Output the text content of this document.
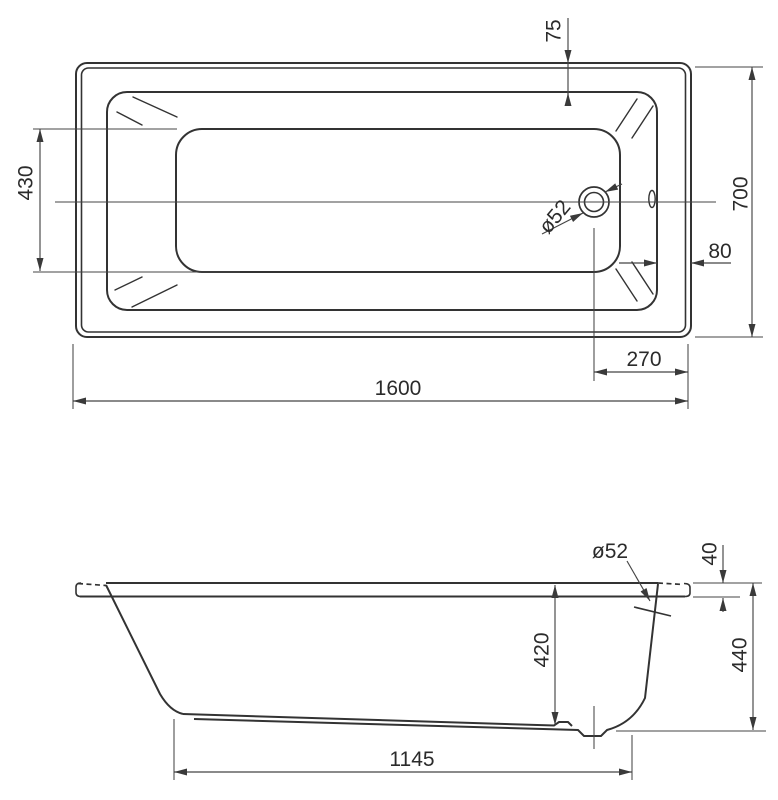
75
430	700
80
ø52
270
1600
ø52	40
440
420
1145
